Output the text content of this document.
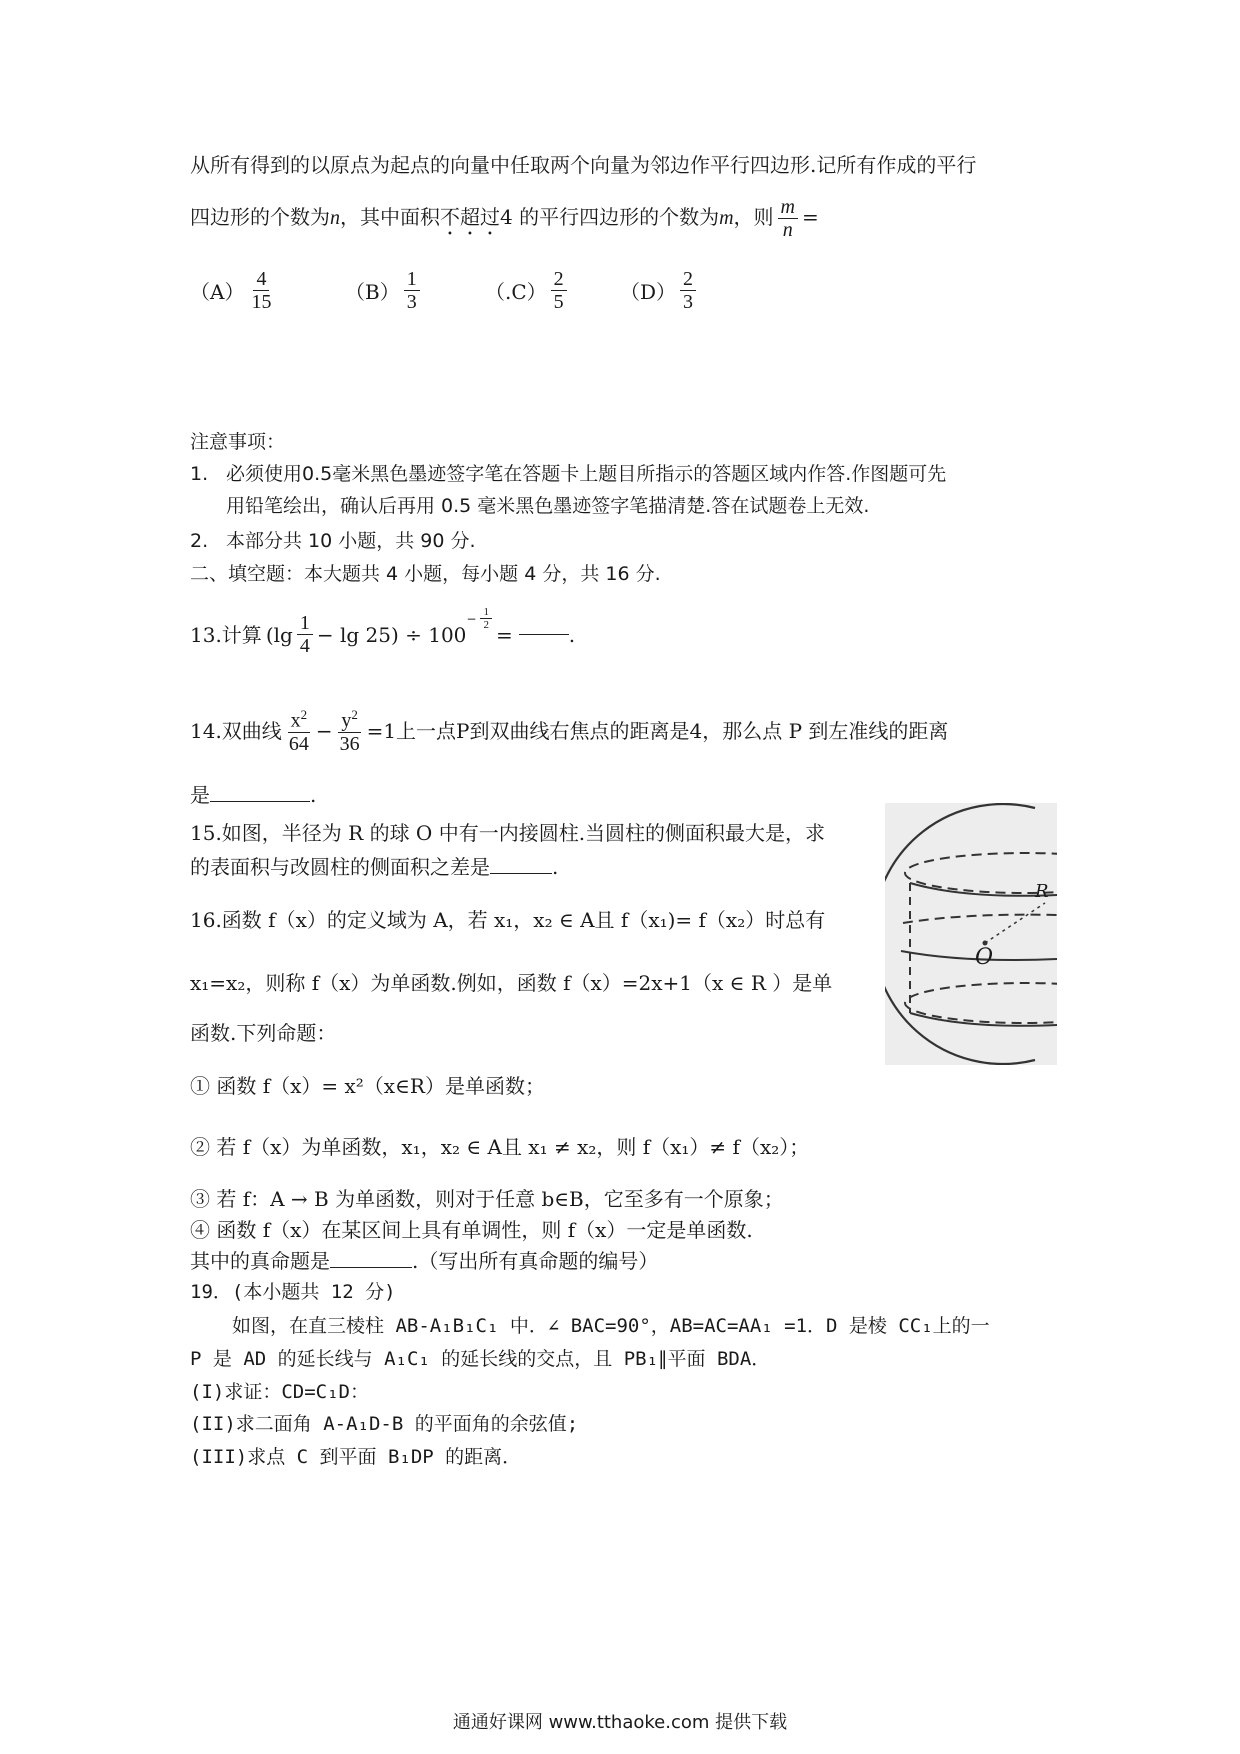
从所有得到的以原点为起点的向量中任取两个向量为邻边作平行四边形.记所有作成的平行
四边形的个数为n，其中面积不超过4 的平行四边形的个数为m，则 $\frac{m}{n}$ =
$(A) \frac{4}{15}$	$(B) \frac{1}{3}$	$(.C) \frac{2}{5}$	$(D) \frac{2}{3}$
注意事项：
1. 必须使用0.5毫米黑色墨迹签字笔在答题卡上题目所指示的答题区域内作答.作图题可先
用铅笔绘出，确认后再用 0.5 毫米黑色墨迹签字笔描清楚.答在试题卷上无效.
2. 本部分共 10 小题，共 90 分.
二、填空题：本大题共 4 小题，每小题 4 分，共 16 分.
13.计算 $(\lg \frac{1}{4} - \lg 25) \div 100$
− $\frac{1}{2}$
=	.
14.双曲线 $\frac{x^2}{64} - \frac{y^2}{36} =1$上一点P到双曲线右焦点的距离是4，那么点 P 到左准线的距离
是	.
15.如图，半径为 R 的球 O 中有一内接圆柱.当圆柱的侧面积最大是，求
的表面积与改圆柱的侧面积之差是	.
O
R
16.函数 f（x）的定义域为 A，若 x₁，x₂ ∈ A且 f（x₁)= f（x₂）时总有
x₁=x₂，则称 f（x）为单函数.例如，函数 f（x）=2x+1（x ∈ R ）是单
函数.下列命题：
① 函数 f（x）= x²（x∈R）是单函数；
② 若 f（x）为单函数，x₁，x₂ ∈ A且 x₁ ≠ x₂，则 f（x₁）≠ f（x₂）；
③ 若 f：A → B 为单函数，则对于任意 b∈B，它至多有一个原象；
④ 函数 f（x）在某区间上具有单调性，则 f（x）一定是单函数.
其中的真命题是	.（写出所有真命题的编号）
19．(本小题共 12 分)
如图，在直三棱柱 AB-A₁B₁C₁ 中．∠ BAC=90°，AB=AC=AA₁ =1．D 是棱 CC₁上的一
P 是 AD 的延长线与 A₁C₁ 的延长线的交点，且 PB₁∥平面 BDA．
(I)求证：CD=C₁D：
(II)求二面角 A-A₁D-B 的平面角的余弦值;
(III)求点 C 到平面 B₁DP 的距离．
通通好课网 www.tthaoke.com 提供下载
